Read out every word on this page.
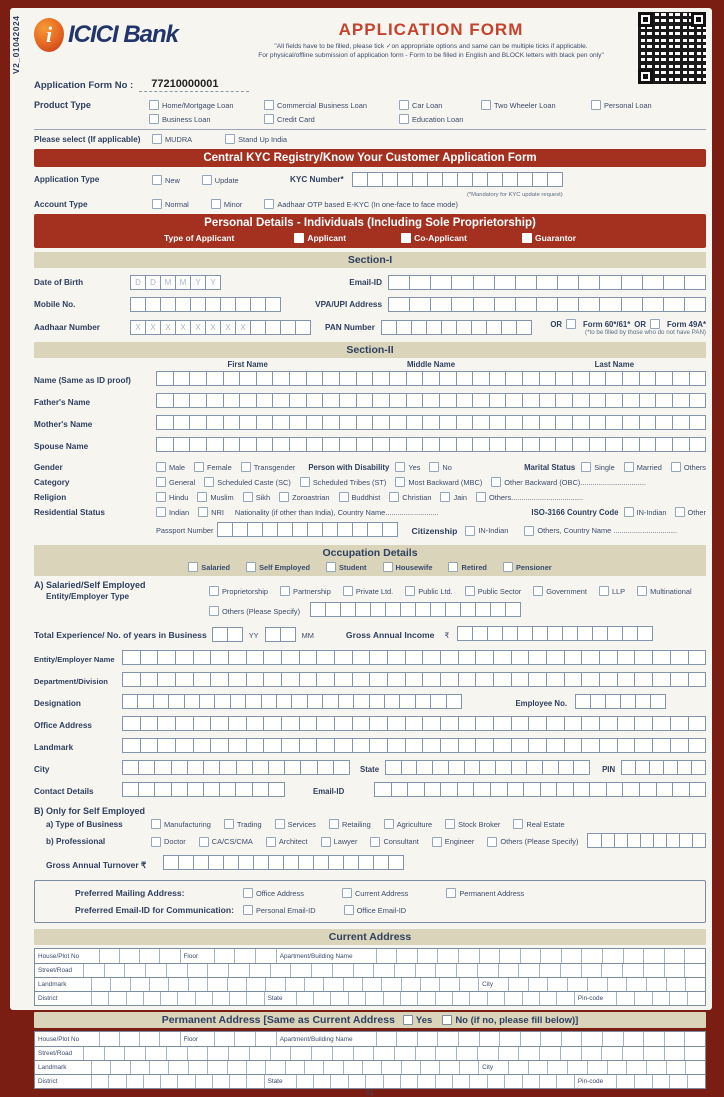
V2_01042024	i ICICI Bank	APPLICATION FORM
"All fields have to be filled, please tick ✓on appropriate options and same can be multiple ticks if applicable.
For physical/offline submission of application form - Form to be filled in English and BLOCK letters with black pen only"
Application Form No :	77210000001
Product Type	Home/Mortgage Loan	Commercial Business Loan	Car Loan	Two Wheeler Loan	Personal Loan
Business Loan	Credit Card	Education Loan
Please select (If applicable)	MUDRA	Stand Up India
Central KYC Registry/Know Your Customer Application Form
Application Type	New	Update	KYC Number*
(*Mandatory for KYC update request)
Account Type	Normal	Minor	Aadhaar OTP based E-KYC (In one-face to face mode)
Personal Details - Individuals (Including Sole Proprietorship)
Type of Applicant	Applicant	Co-Applicant	Guarantor
Section-I
Date of Birth	D	D	M	M	Y	Y	Email-ID
Mobile No.	VPA/UPI Address
Aadhaar Number	X	X	X	X	X	X	X	X	PAN Number	OR	Form 60*/61* OR	Form 49A*
(*to be filled by those who do not have PAN)
Section-II
First Name	Middle Name	Last Name
Name (Same as ID proof)
Father's Name
Mother's Name
Spouse Name
Gender	Male	Female	Transgender Person with Disability	Yes	No	Marital Status	Single	Married	Others
Category	General	Scheduled Caste (SC)	Scheduled Tribes (ST)	Most Backward (MBC)	Other Backward (OBC)................................
Religion	Hindu	Muslim	Sikh	Zoroastrian	Buddhist	Christian	Jain	Others...................................
Residential Status	Indian	NRI Nationality (if other than India), Country Name..........................	ISO-3166 Country Code IN-Indian	Other
Passport Number	Citizenship	IN-Indian	Others, Country Name ...............................
Occupation Details
Salaried	Self Employed	Student	Housewife	Retired	Pensioner
A) Salaried/Self Employed
Entity/Employer Type
Proprietorship	Partnership	Private Ltd.	Public Ltd.	Public Sector	Government	LLP	Multinational
Others (Please Specify)
Total Experience/ No. of years in Business	YY	MM	Gross Annual Income ₹
Entity/Employer Name
Department/Division
Designation	Employee No.
Office Address
Landmark
City	State	PIN
Contact Details	Email-ID
B) Only for Self Employed
a) Type of Business	Manufacturing	Trading	Services	Retailing	Agriculture	Stock Broker	Real Estate
b) Professional	Doctor	CA/CS/CMA	Architect	Lawyer	Consultant	Engineer	Others (Please Specify)
Gross Annual Turnover ₹
Preferred Mailing Address:	Office Address	Current Address	Permanent Address
Preferred Email-ID for Communication:	Personal Email-ID	Office Email-ID
Current Address
House/Plot No	Floor	Apartment/Building Name
Street/Road
Landmark	City
District	State	Pin-code
Permanent Address [Same as Current Address Yes No (if no, please fill below)]
House/Plot No	Floor	Apartment/Building Name
Street/Road
Landmark	City
District	State	Pin-code
01
